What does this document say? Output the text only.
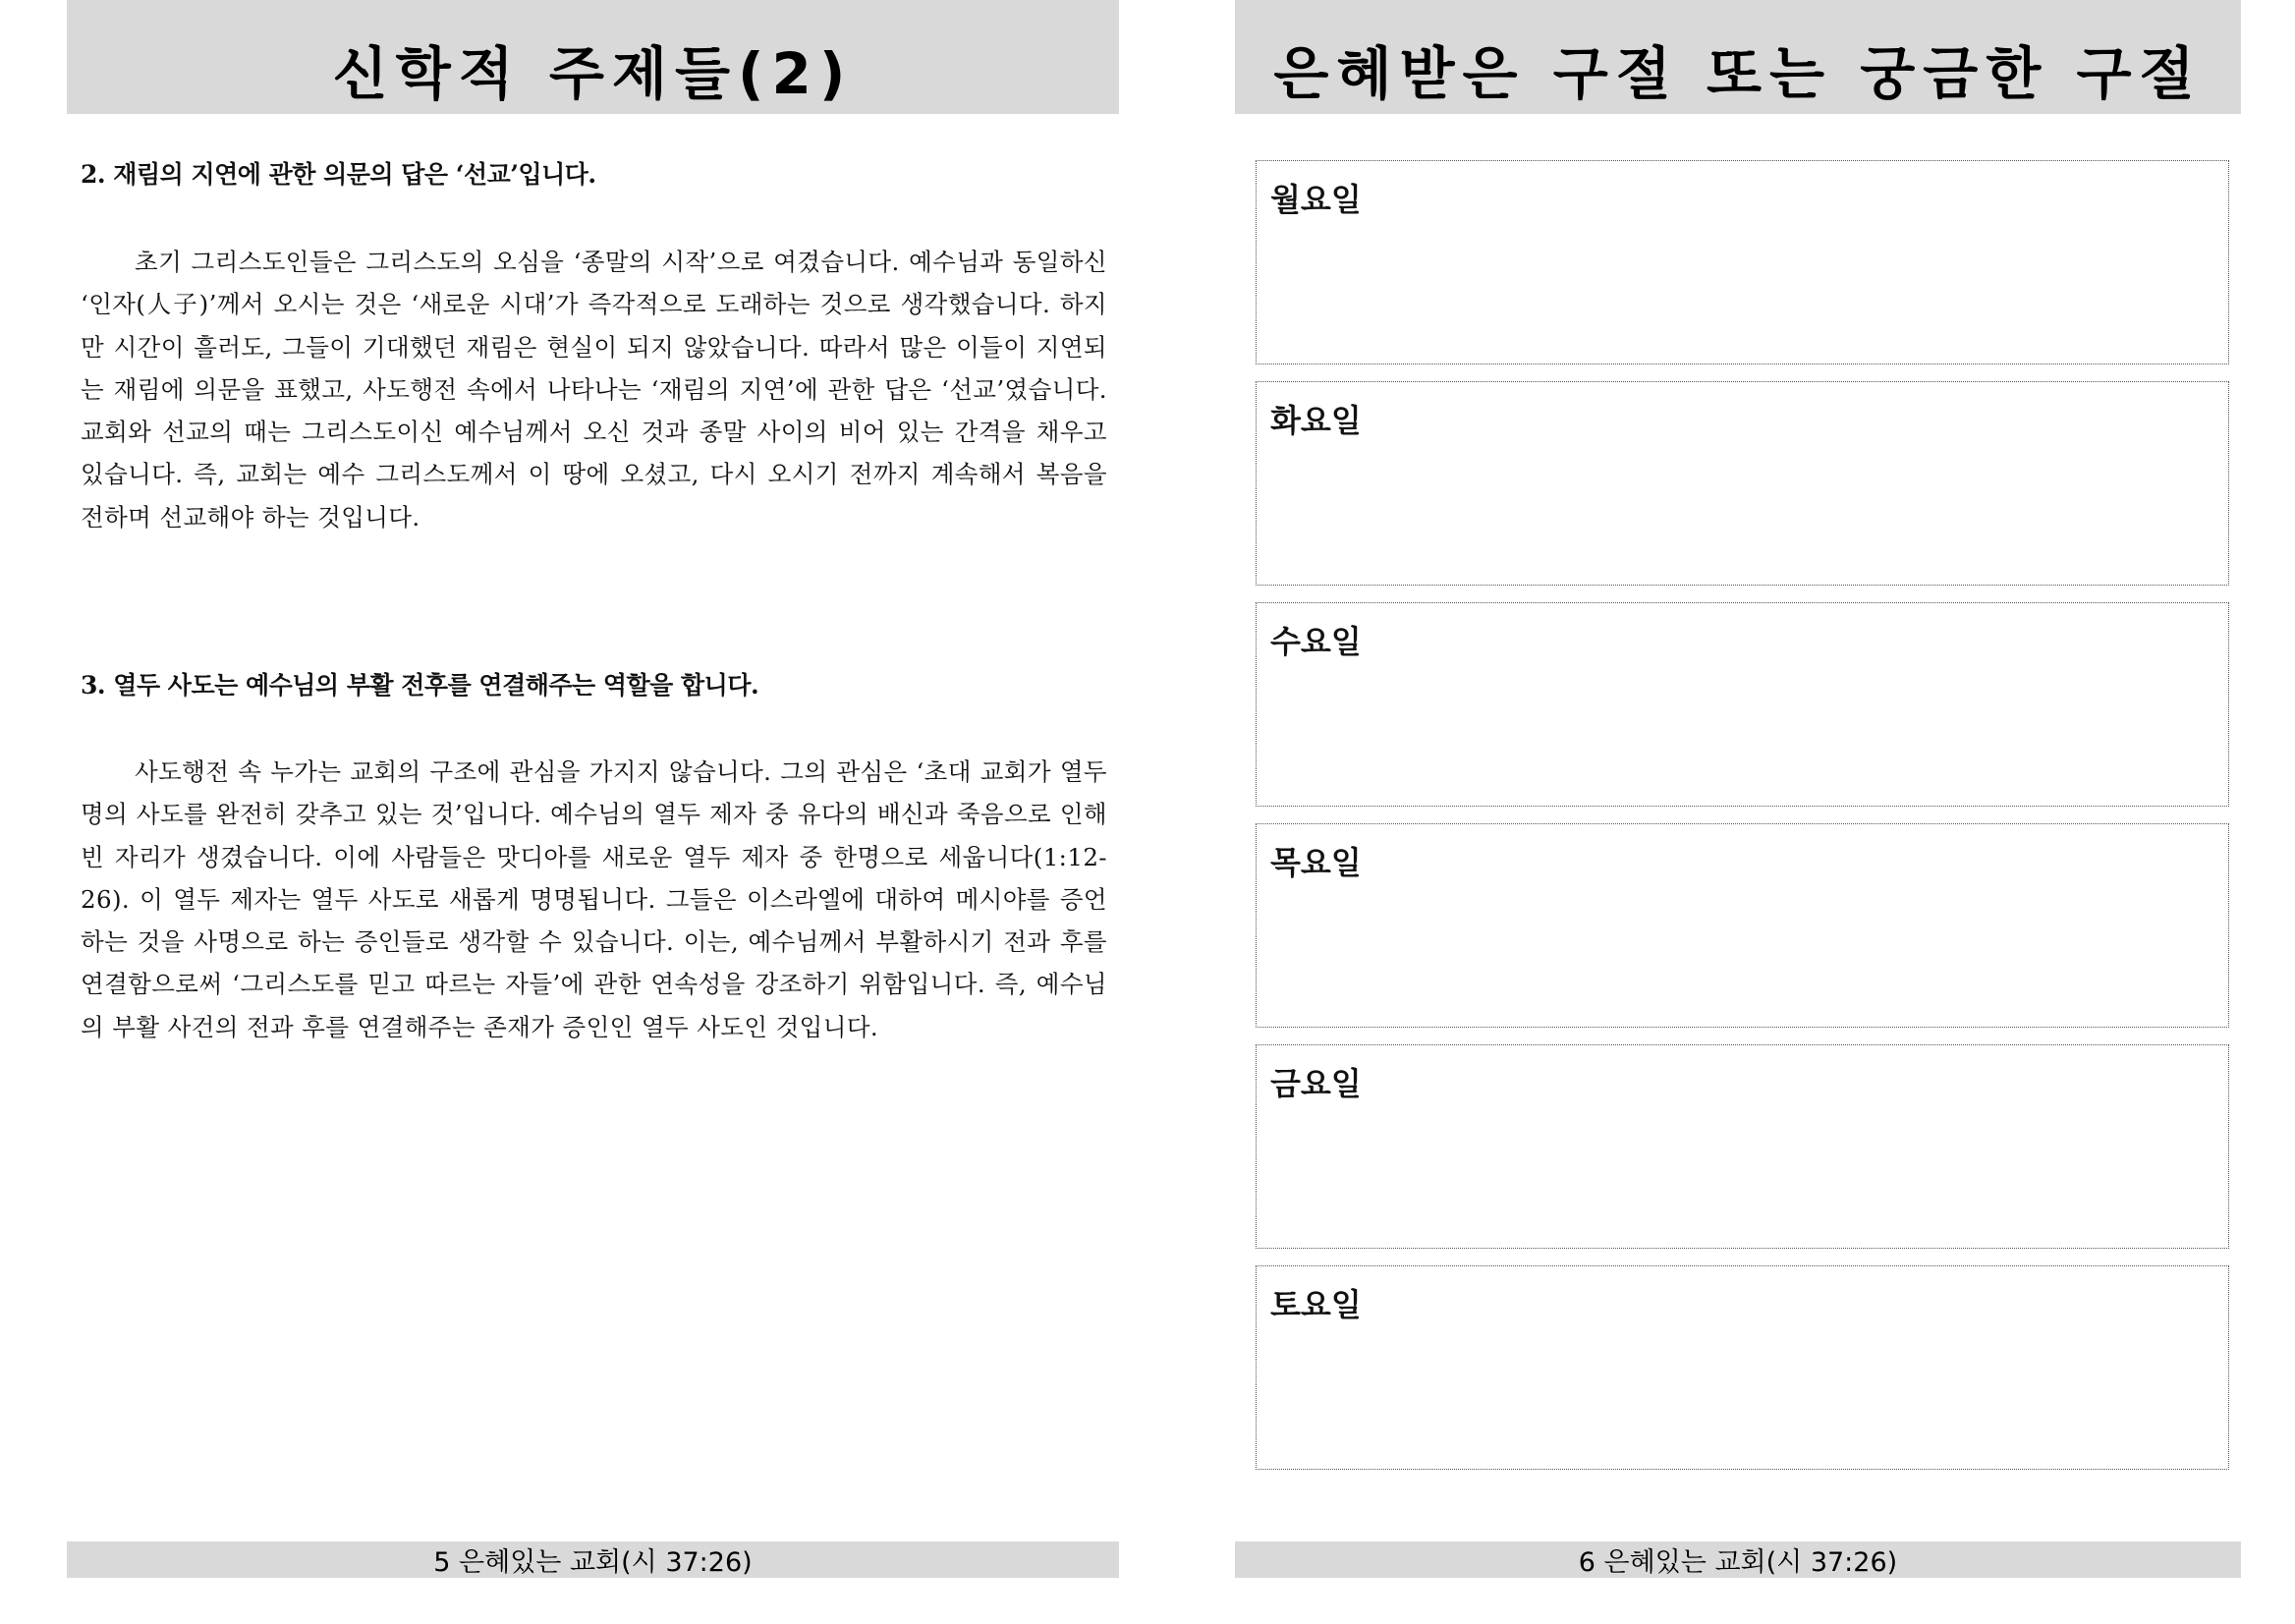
신학적 주제들(2)

2. 재림의 지연에 관한 의문의 답은 ‘선교’입니다.

초기 그리스도인들은 그리스도의 오심을 ‘종말의 시작’으로 여겼습니다. 예수님과 동일하신 ‘인자(人子)’께서 오시는 것은 ‘새로운 시대’가 즉각적으로 도래하는 것으로 생각했습니다. 하지만 시간이 흘러도, 그들이 기대했던 재림은 현실이 되지 않았습니다. 따라서 많은 이들이 지연되는 재림에 의문을 표했고, 사도행전 속에서 나타나는 ‘재림의 지연’에 관한 답은 ‘선교’였습니다. 교회와 선교의 때는 그리스도이신 예수님께서 오신 것과 종말 사이의 비어 있는 간격을 채우고 있습니다. 즉, 교회는 예수 그리스도께서 이 땅에 오셨고, 다시 오시기 전까지 계속해서 복음을 전하며 선교해야 하는 것입니다.

3. 열두 사도는 예수님의 부활 전후를 연결해주는 역할을 합니다.

사도행전 속 누가는 교회의 구조에 관심을 가지지 않습니다. 그의 관심은 ‘초대 교회가 열두명의 사도를 완전히 갖추고 있는 것’입니다. 예수님의 열두 제자 중 유다의 배신과 죽음으로 인해 빈 자리가 생겼습니다. 이에 사람들은 맛디아를 새로운 열두 제자 중 한명으로 세웁니다(1:12-26). 이 열두 제자는 열두 사도로 새롭게 명명됩니다. 그들은 이스라엘에 대하여 메시야를 증언하는 것을 사명으로 하는 증인들로 생각할 수 있습니다. 이는, 예수님께서 부활하시기 전과 후를 연결함으로써 ‘그리스도를 믿고 따르는 자들’에 관한 연속성을 강조하기 위함입니다. 즉, 예수님의 부활 사건의 전과 후를 연결해주는 존재가 증인인 열두 사도인 것입니다.

5 은혜있는 교회(시 37:26)
은혜받은 구절 또는 궁금한 구절
월요일
화요일
수요일
목요일
금요일
토요일
6 은혜있는 교회(시 37:26)
